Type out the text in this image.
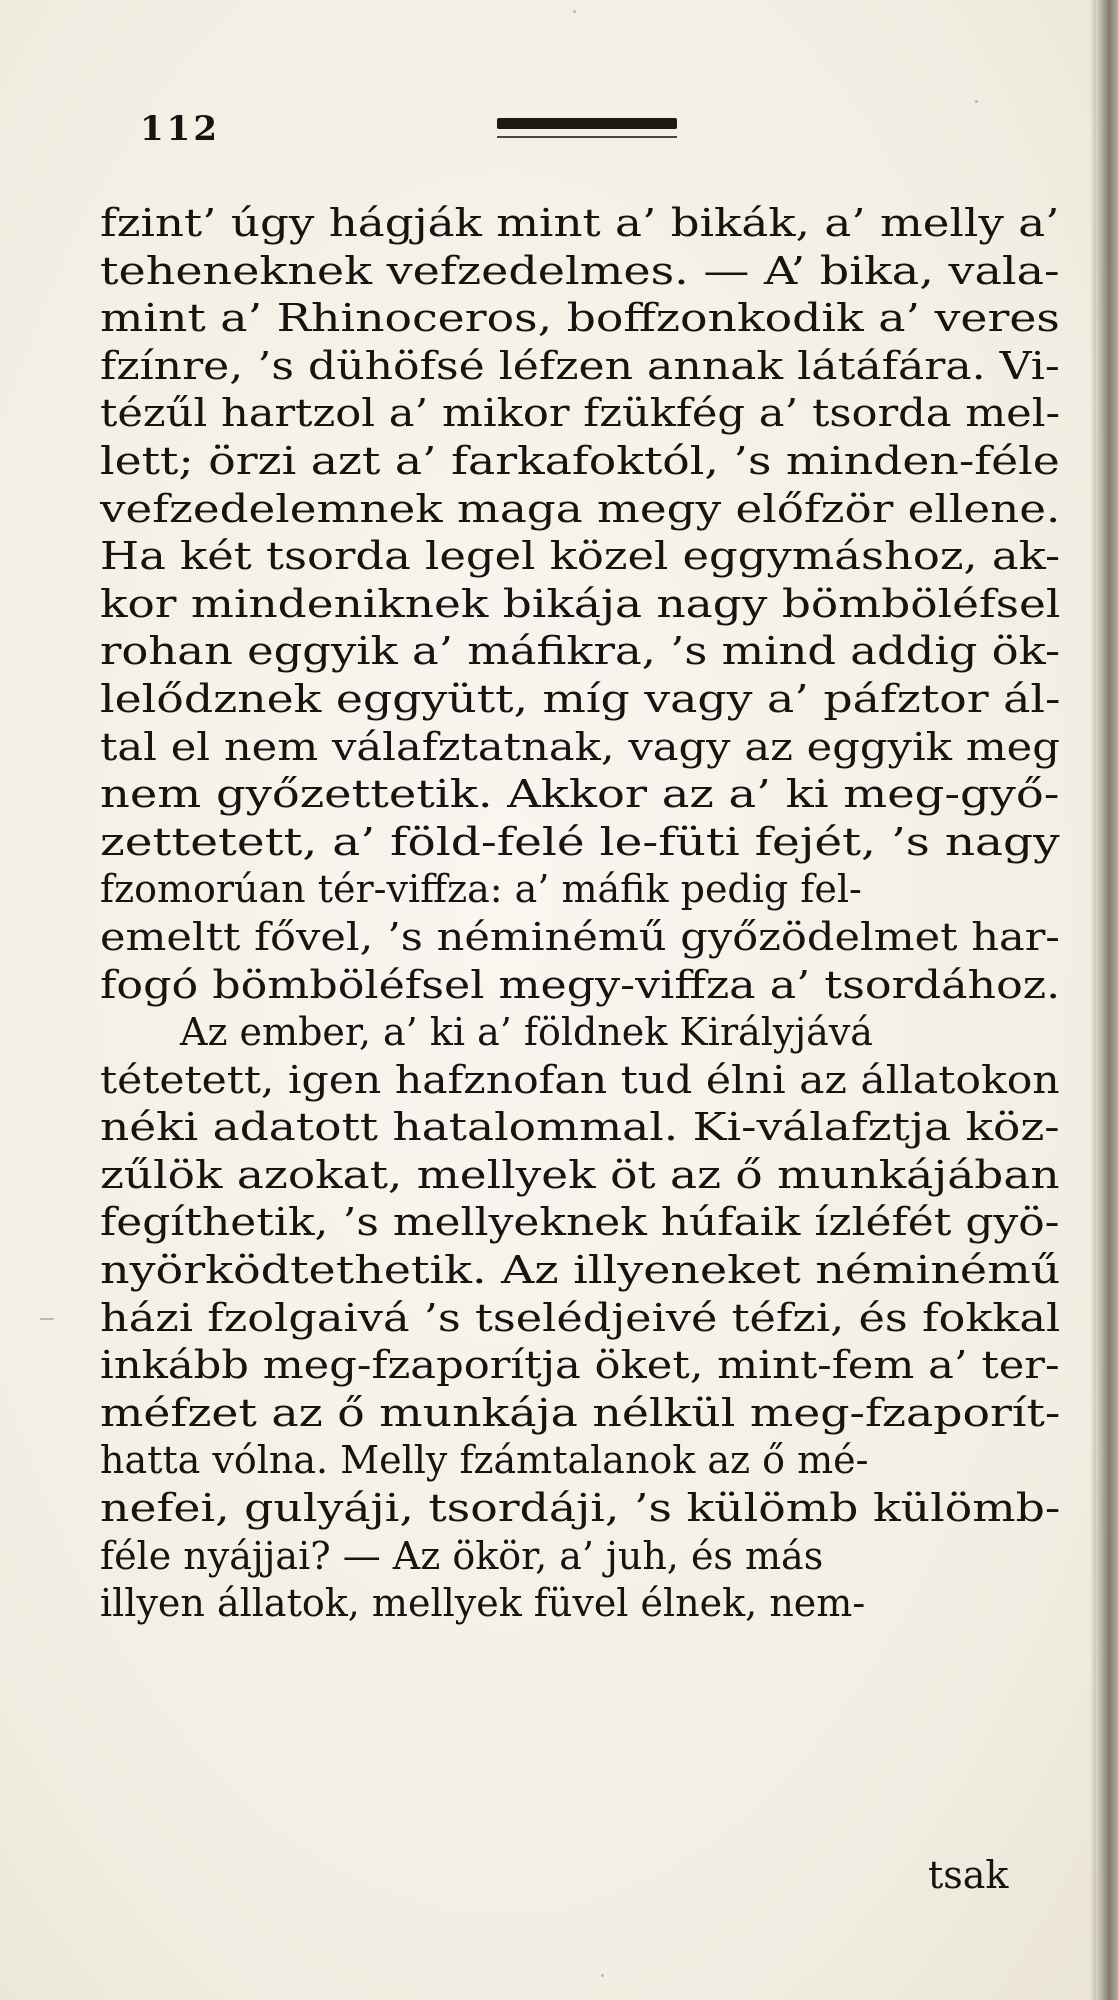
112
fzint’ úgy hágják mint a’ bikák, a’ melly a’
teheneknek vefzedelmes. — A’ bika, vala-
mint a’ Rhinoceros, boffzonkodik a’ veres
fzínre, ’s dühöfsé léfzen annak látáfára. Vi-
tézűl hartzol a’ mikor fzükfég a’ tsorda mel-
lett; örzi azt a’ farkafoktól, ’s minden-féle
vefzedelemnek maga megy előfzör ellene.
Ha két tsorda legel közel eggymáshoz, ak-
kor mindeniknek bikája nagy bömböléfsel
rohan eggyik a’ máfikra, ’s mind addig ök-
lelődznek eggyütt, míg vagy a’ páfztor ál-
tal el nem válafztatnak, vagy az eggyik meg
nem győzettetik. Akkor az a’ ki meg-győ-
zettetett, a’ föld-felé le-füti fejét, ’s nagy
fzomorúan tér-viffza: a’ máfik pedig fel-
emeltt fővel, ’s néminémű győzödelmet har-
fogó bömböléfsel megy-viffza a’ tsordához.
Az ember, a’ ki a’ földnek Királyjává
tétetett, igen hafznofan tud élni az állatokon
néki adatott hatalommal. Ki-válafztja köz-
zűlök azokat, mellyek öt az ő munkájában
fegíthetik, ’s mellyeknek húfaik ízléfét gyö-
nyörködtethetik. Az illyeneket néminémű
házi fzolgaivá ’s tselédjeivé téfzi, és fokkal
inkább meg-fzaporítja öket, mint-fem a’ ter-
méfzet az ő munkája nélkül meg-fzaporít-
hatta vólna. Melly fzámtalanok az ő mé-
nefei, gulyáji, tsordáji, ’s külömb külömb-
féle nyájjai? — Az ökör, a’ juh, és más
illyen állatok, mellyek füvel élnek, nem-
tsak
